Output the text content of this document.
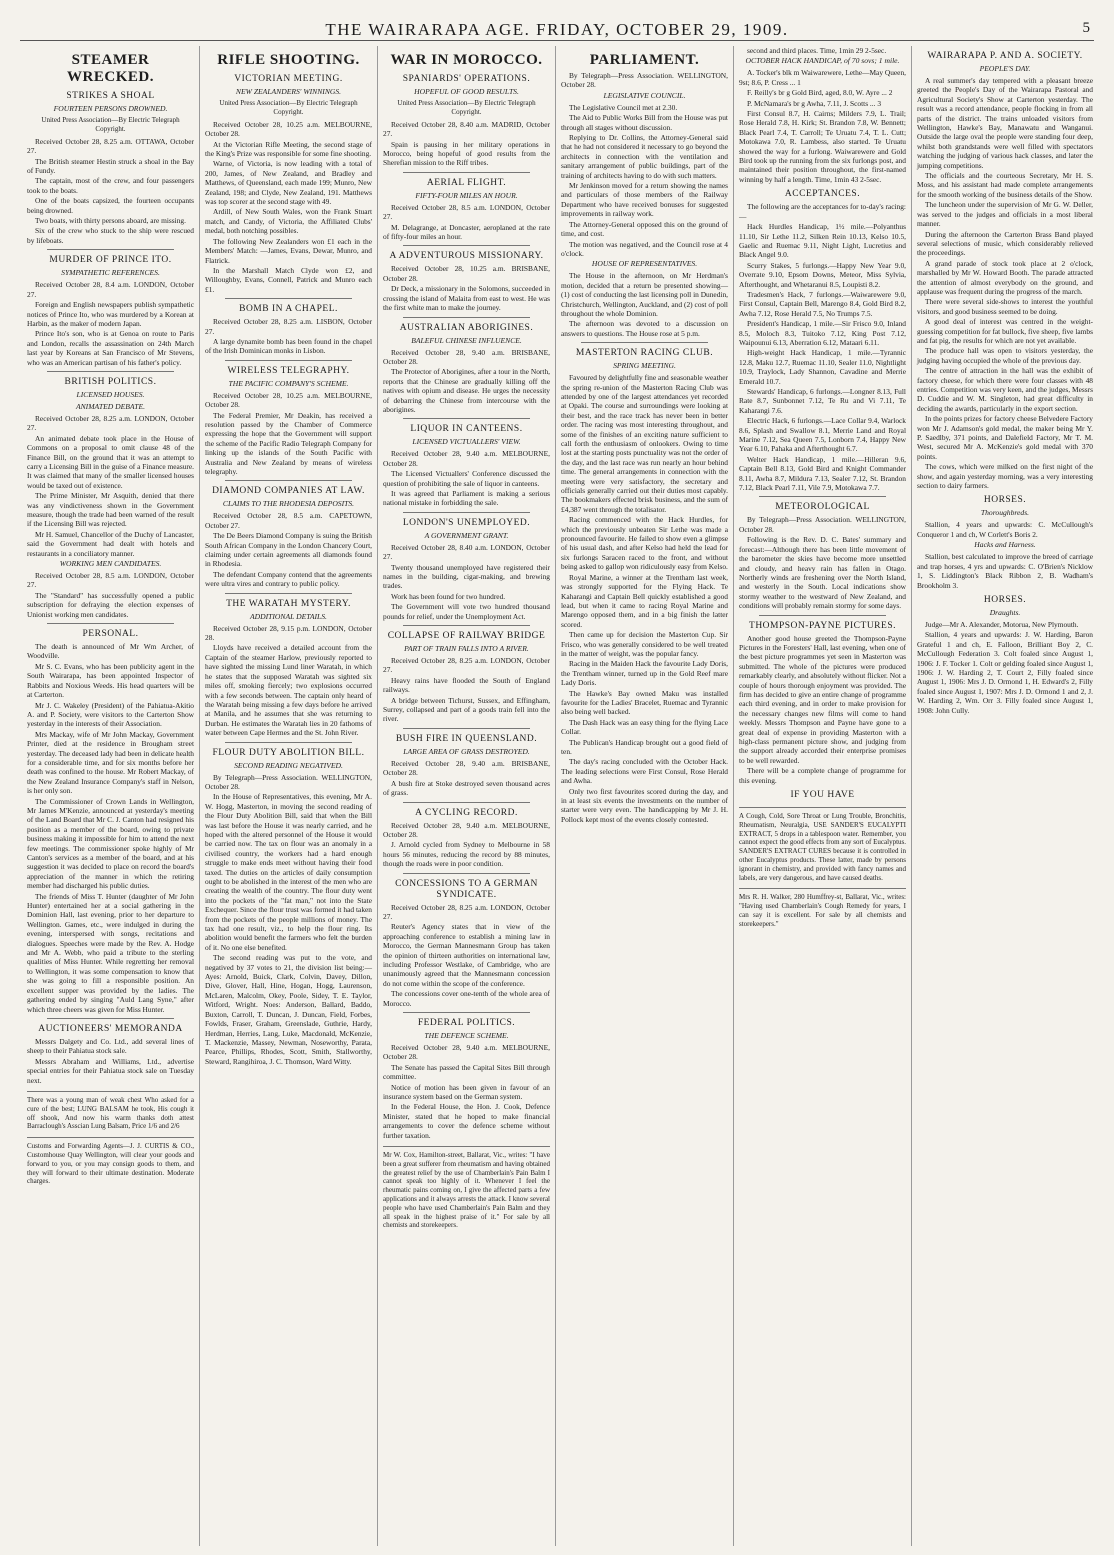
THE WAIRARAPA AGE. FRIDAY, OCTOBER 29, 1909.	5
STEAMER WRECKED.
STRIKES A SHOAL
FOURTEEN PERSONS DROWNED.
United Press Association—By Electric Telegraph Copyright.

Received October 28, 8.25 a.m. OTTAWA, October 27.

The British steamer Hestin struck a shoal in the Bay of Fundy.

The captain, most of the crew, and four passengers took to the boats.

One of the boats capsized, the fourteen occupants being drowned.

Two boats, with thirty persons aboard, are missing.

Six of the crew who stuck to the ship were rescued by lifeboats.

MURDER OF PRINCE ITO.
SYMPATHETIC REFERENCES.

Received October 28, 8.4 a.m. LONDON, October 27.

Foreign and English newspapers publish sympathetic notices of Prince Ito, who was murdered by a Korean at Harbin, as the maker of modern Japan.

Prince Ito's son, who is at Genoa on route to Paris and London, recalls the assassination on 24th March last year by Koreans at San Francisco of Mr Stevens, who was an American partisan of his father's policy.

BRITISH POLITICS.
LICENSED HOUSES.
ANIMATED DEBATE.

Received October 28, 8.25 a.m. LONDON, October 27.

An animated debate took place in the House of Commons on a proposal to omit clause 48 of the Finance Bill, on the ground that it was an attempt to carry a Licensing Bill in the guise of a Finance measure. It was claimed that many of the smaller licensed houses would be taxed out of existence.

The Prime Minister, Mr Asquith, denied that there was any vindictiveness shown in the Government measure, though the trade had been warned of the result if the Licensing Bill was rejected.

Mr H. Samuel, Chancellor of the Duchy of Lancaster, said the Government had dealt with hotels and restaurants in a conciliatory manner.

WORKING MEN CANDIDATES.

Received October 28, 8.5 a.m. LONDON, October 27.

The "Standard" has successfully opened a public subscription for defraying the election expenses of Unionist working men candidates.

PERSONAL.

The death is announced of Mr Wm Archer, of Woodville.

Mr S. C. Evans, who has been publicity agent in the South Wairarapa, has been appointed Inspector of Rabbits and Noxious Weeds. His head quarters will be at Carterton.

Mr J. C. Wakeley (President) of the Pahiatua-Akitio A. and P. Society, were visitors to the Carterton Show yesterday in the interests of their Association.

Mrs Mackay, wife of Mr John Mackay, Government Printer, died at the residence in Brougham street yesterday. The deceased lady had been in delicate health for a considerable time, and for six months before her death was confined to the house. Mr Robert Mackay, of the New Zealand Insurance Company's staff in Nelson, is her only son.

The Commissioner of Crown Lands in Wellington, Mr James M'Kenzie, announced at yesterday's meeting of the Land Board that Mr C. J. Canton had resigned his position as a member of the board, owing to private business making it impossible for him to attend the next few meetings. The commissioner spoke highly of Mr Canton's services as a member of the board, and at his suggestion it was decided to place on record the board's appreciation of the manner in which the retiring member had discharged his public duties.

The friends of Miss T. Hunter (daughter of Mr John Hunter) entertained her at a social gathering in the Dominion Hall, last evening, prior to her departure to Wellington. Games, etc., were indulged in during the evening, interspersed with songs, recitations and dialogues. Speeches were made by the Rev. A. Hodge and Mr A. Webb, who paid a tribute to the sterling qualities of Miss Hunter. While regretting her removal to Wellington, it was some compensation to know that she was going to fill a responsible position. An excellent supper was provided by the ladies. The gathering ended by singing "Auld Lang Syne," after which three cheers was given for Miss Hunter.

AUCTIONEERS' MEMORANDA

Messrs Dalgety and Co. Ltd., add several lines of sheep to their Pahiatua stock sale.

Messrs Abraham and Williams, Ltd., advertise special entries for their Pahiatua stock sale on Tuesday next.

There was a young man of weak chest Who asked for a cure of the best; LUNG BALSAM he took, His cough it off shook, And now his warm thanks doth attest Barraclough's Asscian Lung Balsam, Price 1/6 and 2/6
Customs and Forwarding Agents—J. J. CURTIS & CO., Customhouse Quay Wellington, will clear your goods and forward to you, or you may consign goods to them, and they will forward to their ultimate destination. Moderate charges.
RIFLE SHOOTING.
VICTORIAN MEETING.
NEW ZEALANDERS' WINNINGS.
United Press Association—By Electric Telegraph Copyright.

Received October 28, 10.25 a.m. MELBOURNE, October 28.

At the Victorian Rifle Meeting, the second stage of the King's Prize was responsible for some fine shooting.

Warne, of Victoria, is now leading with a total of 200, James, of New Zealand, and Bradley and Matthews, of Queensland, each made 199; Munro, New Zealand, 198; and Clyde, New Zealand, 191. Matthews was top scorer at the second stage with 49.

Ardill, of New South Wales, won the Frank Stuart match, and Candy, of Victoria, the Affiliated Clubs' medal, both notching possibles.

The following New Zealanders won £1 each in the Members' Match: —James, Evans, Dewar, Munro, and Flatrick.

In the Marshall Match Clyde won £2, and Willoughby, Evans, Connell, Patrick and Munro each £1.

BOMB IN A CHAPEL.

Received October 28, 8.25 a.m. LISBON, October 27.

A large dynamite bomb has been found in the chapel of the Irish Dominican monks in Lisbon.

WIRELESS TELEGRAPHY.
THE PACIFIC COMPANY'S SCHEME.

Received October 28, 10.25 a.m. MELBOURNE, October 28.

The Federal Premier, Mr Deakin, has received a resolution passed by the Chamber of Commerce expressing the hope that the Government will support the scheme of the Pacific Radio Telegraph Company for linking up the islands of the South Pacific with Australia and New Zealand by means of wireless telegraphy.

DIAMOND COMPANIES AT LAW.
CLAIMS TO THE RHODESIA DEPOSITS.

Received October 28, 8.5 a.m. CAPETOWN, October 27.

The De Beers Diamond Company is suing the British South African Company in the London Chancery Court, claiming under certain agreements all diamonds found in Rhodesia.

The defendant Company contend that the agreements were ultra vires and contrary to public policy.

THE WARATAH MYSTERY.
ADDITIONAL DETAILS.

Received October 28, 9.15 p.m. LONDON, October 28.

Lloyds have received a detailed account from the Captain of the steamer Harlow, previously reported to have sighted the missing Lund liner Waratah, in which he states that the supposed Waratah was sighted six miles off, smoking fiercely; two explosions occurred with a few seconds between. The captain only heard of the Waratah being missing a few days before he arrived at Manila, and he assumes that she was returning to Durban. He estimates the Waratah lies in 20 fathoms of water between Cape Hermes and the St. John River.

FLOUR DUTY ABOLITION BILL.
SECOND READING NEGATIVED.

By Telegraph—Press Association. WELLINGTON, October 28.

In the House of Representatives, this evening, Mr A. W. Hogg, Masterton, in moving the second reading of the Flour Duty Abolition Bill, said that when the Bill was last before the House it was nearly carried, and he hoped with the altered personnel of the House it would be carried now. The tax on flour was an anomaly in a civilised country, the workers had a hard enough struggle to make ends meet without having their food taxed. The duties on the articles of daily consumption ought to be abolished in the interest of the men who are creating the wealth of the country. The flour duty went into the pockets of the "fat man," not into the State Exchequer. Since the flour trust was formed it had taken from the pockets of the people millions of money. The tax had one result, viz., to help the flour ring. Its abolition would benefit the farmers who felt the burden of it. No one else benefited.

The second reading was put to the vote, and negatived by 37 votes to 21, the division list being:—Ayes: Arnold, Buick, Clark, Colvin, Davey, Dillon, Dive, Glover, Hall, Hine, Hogan, Hogg, Laurenson, McLaren, Malcolm, Okey, Poole, Sidey, T. E. Taylor, Witford, Wright. Noes: Anderson, Ballard, Baddo, Buxton, Carroll, T. Duncan, J. Duncan, Field, Forbes, Fowlds, Fraser, Graham, Greenslade, Guthrie, Hardy, Herdman, Herries, Lang, Luke, Macdonald, McKenzie, T. Mackenzie, Massey, Newman, Noseworthy, Parata, Pearce, Phillips, Rhodes, Scott, Smith, Stallworthy, Steward, Rangihiroa, J. C. Thomson, Ward Witty.

WAR IN MOROCCO.
SPANIARDS' OPERATIONS.
HOPEFUL OF GOOD RESULTS.
United Press Association—By Electric Telegraph Copyright.

Received October 28, 8.40 a.m. MADRID, October 27.

Spain is pausing in her military operations in Morocco, being hopeful of good results from the Sherefian mission to the Riff tribes.

AERIAL FLIGHT.
FIFTY-FOUR MILES AN HOUR.

Received October 28, 8.5 a.m. LONDON, October 27.

M. Delagrange, at Doncaster, aeroplaned at the rate of fifty-four miles an hour.

A ADVENTUROUS MISSIONARY.

Received October 28, 10.25 a.m. BRISBANE, October 28.

Dr Deck, a missionary in the Solomons, succeeded in crossing the island of Malaita from east to west. He was the first white man to make the journey.

AUSTRALIAN ABORIGINES.
BALEFUL CHINESE INFLUENCE.

Received October 28, 9.40 a.m. BRISBANE, October 28.

The Protector of Aborigines, after a tour in the North, reports that the Chinese are gradually killing off the natives with opium and disease. He urges the necessity of debarring the Chinese from intercourse with the aborigines.

LIQUOR IN CANTEENS.
LICENSED VICTUALLERS' VIEW.

Received October 28, 9.40 a.m. MELBOURNE, October 28.

The Licensed Victuallers' Conference discussed the question of prohibiting the sale of liquor in canteens.

It was agreed that Parliament is making a serious national mistake in forbidding the sale.

LONDON'S UNEMPLOYED.
A GOVERNMENT GRANT.

Received October 28, 8.40 a.m. LONDON, October 27.

Twenty thousand unemployed have registered their names in the building, cigar-making, and brewing trades.

Work has been found for two hundred.

The Government will vote two hundred thousand pounds for relief, under the Unemployment Act.

COLLAPSE OF RAILWAY BRIDGE
PART OF TRAIN FALLS INTO A RIVER.

Received October 28, 8.25 a.m. LONDON, October 27.

Heavy rains have flooded the South of England railways.

A bridge between Tichurst, Sussex, and Effingham, Surrey, collapsed and part of a goods train fell into the river.

BUSH FIRE IN QUEENSLAND.
LARGE AREA OF GRASS DESTROYED.

Received October 28, 9.40 a.m. BRISBANE, October 28.

A bush fire at Stoke destroyed seven thousand acres of grass.

A CYCLING RECORD.

Received October 28, 9.40 a.m. MELBOURNE, October 28.

J. Arnold cycled from Sydney to Melbourne in 58 hours 56 minutes, reducing the record by 88 minutes, though the roads were in poor condition.

CONCESSIONS TO A GERMAN SYNDICATE.

Received October 28, 8.25 a.m. LONDON, October 27.

Reuter's Agency states that in view of the approaching conference to establish a mining law in Morocco, the German Mannesmann Group has taken the opinion of thirteen authorities on international law, including Professor Westlake, of Cambridge, who are unanimously agreed that the Mannesmann concession do not come within the scope of the conference.

The concessions cover one-tenth of the whole area of Morocco.

FEDERAL POLITICS.
THE DEFENCE SCHEME.

Received October 28, 9.40 a.m. MELBOURNE, October 28.

The Senate has passed the Capital Sites Bill through committee.

Notice of motion has been given in favour of an insurance system based on the German system.

In the Federal House, the Hon. J. Cook, Defence Minister, stated that he hoped to make financial arrangements to cover the defence scheme without further taxation.

Mr W. Cox, Hamilton-street, Ballarat, Vic., writes: "I have been a great sufferer from rheumatism and having obtained the greatest relief by the use of Chamberlain's Pain Balm I cannot speak too highly of it. Whenever I feel the rheumatic pains coming on, I give the affected parts a few applications and it always arrests the attack. I know several people who have used Chamberlain's Pain Balm and they all speak in the highest praise of it." For sale by all chemists and storekeepers.
PARLIAMENT.

By Telegraph—Press Association. WELLINGTON, October 28.

LEGISLATIVE COUNCIL.

The Legislative Council met at 2.30.

The Aid to Public Works Bill from the House was put through all stages without discussion.

Replying to Dr. Collins, the Attorney-General said that he had not considered it necessary to go beyond the architects in connection with the ventilation and sanitary arrangement of public buildings, part of the training of architects having to do with such matters.

Mr Jenkinson moved for a return showing the names and particulars of those members of the Railway Department who have received bonuses for suggested improvements in railway work.

The Attorney-General opposed this on the ground of time, and cost.

The motion was negatived, and the Council rose at 4 o'clock.

HOUSE OF REPRESENTATIVES.

The House in the afternoon, on Mr Herdman's motion, decided that a return be presented showing—(1) cost of conducting the last licensing poll in Dunedin, Christchurch, Wellington, Auckland, and (2) cost of poll throughout the whole Dominion.

The afternoon was devoted to a discussion on answers to questions. The House rose at 5 p.m.

MASTERTON RACING CLUB.
SPRING MEETING.

Favoured by delightfully fine and seasonable weather the spring re-union of the Masterton Racing Club was attended by one of the largest attendances yet recorded at Opaki. The course and surroundings were looking at their best, and the race track has never been in better order. The racing was most interesting throughout, and some of the finishes of an exciting nature sufficient to call forth the enthusiasm of onlookers. Owing to time lost at the starting posts punctuality was not the order of the day, and the last race was run nearly an hour behind time. The general arrangements in connection with the meeting were very satisfactory, the secretary and officials generally carried out their duties most capably. The bookmakers effected brisk business, and the sum of £4,387 went through the totalisator.

Racing commenced with the Hack Hurdles, for which the previously unbeaten Sir Lethe was made a pronounced favourite. He failed to show even a glimpse of his usual dash, and after Kelso had held the lead for six furlongs Saracen raced to the front, and without being asked to gallop won ridiculously easy from Kelso.

Royal Marine, a winner at the Trentham last week, was strongly supported for the Flying Hack. Te Kaharangi and Captain Bell quickly established a good lead, but when it came to racing Royal Marine and Marengo opposed them, and in a big finish the latter scored.

Then came up for decision the Masterton Cup. Sir Frisco, who was generally considered to be well treated in the matter of weight, was the popular fancy.

Racing in the Maiden Hack the favourite Lady Doris, the Trentham winner, turned up in the Gold Reef mare Lady Doris.

The Hawke's Bay owned Maku was installed favourite for the Ladies' Bracelet, Ruemac and Tyrannic also being well backed.

The Dash Hack was an easy thing for the flying Lace Collar.

The Publican's Handicap brought out a good field of ten.

The day's racing concluded with the October Hack. The leading selections were First Consul, Rose Herald and Awha.

Only two first favourites scored during the day, and in at least six events the investments on the number of starter were very even. The handicapping by Mr J. H. Pollock kept most of the events closely contested.

second and third places. Time, 1min 29 2-5sec.

OCTOBER HACK HANDICAP, of 70 sovs; 1 mile.

A. Tocker's blk m Waiwarewere, Lethe—May Queen, 9st; 8.6, P. Cress ... 1

F. Reilly's br g Gold Bird, aged, 8.0, W. Ayre ... 2

P. McNamara's br g Awha, 7.11, J. Scotts ... 3

First Consul 8.7, H. Cairns; Milders 7.9, L. Trail; Rose Herald 7.8, H. Kirk; St. Brandon 7.8, W. Bennett; Black Pearl 7.4, T. Carroll; Te Uruatu 7.4, T. L. Cutt; Motokawa 7.0, R. Lambess, also started. Te Uruatu showed the way for a furlong. Waiwarewere and Gold Bird took up the running from the six furlongs post, and maintained their position throughout, the first-named winning by half a length. Time, 1min 43 2-5sec.

ACCEPTANCES.

The following are the acceptances for to-day's racing:—

Hack Hurdles Handicap, 1½ mile.—Polyanthus 11.10, Sir Lethe 11.2, Silken Rein 10.13, Kelso 10.5, Gaelic and Ruemac 9.11, Night Light, Lucretius and Black Angel 9.0.

Scurry Stakes, 5 furlongs.—Happy New Year 9.0, Overrate 9.10, Epsom Downs, Meteor, Miss Sylvia, Afterthought, and Whetaranui 8.5, Loupisti 8.2.

Tradesmen's Hack, 7 furlongs.—Waiwarewere 9.0, First Consul, Captain Bell, Marengo 8.4, Gold Bird 8.2, Awha 7.12, Rose Herald 7.5, No Trumps 7.5.

President's Handicap, 1 mile.—Sir Frisco 9.0, Inland 8.5, Moloch 8.3, Tuitoko 7.12, King Post 7.12, Waipounui 6.13, Aberration 6.12, Mataari 6.11.

High-weight Hack Handicap, 1 mile.—Tyrannic 12.8, Maku 12.7, Ruemac 11.10, Sealer 11.0, Nightlight 10.9, Traylock, Lady Shannon, Cavadine and Merrie Emerald 10.7.

Stewards' Handicap, 6 furlongs.—Longner 8.13, Full Rate 8.7, Sunbonnet 7.12, Te Ru and Vi 7.11, Te Kaharangi 7.6.

Electric Hack, 6 furlongs.—Lace Collar 9.4, Warlock 8.6, Splash and Swallow 8.1, Merrie Land and Royal Marine 7.12, Sea Queen 7.5, Lonborn 7.4, Happy New Year 6.10, Pahaka and Afterthought 6.7.

Welter Hack Handicap, 1 mile.—Hilleran 9.6, Captain Bell 8.13, Gold Bird and Knight Commander 8.11, Awha 8.7, Mildura 7.13, Sealer 7.12, St. Brandon 7.12, Black Pearl 7.11, Vile 7.9, Motokawa 7.7.

METEOROLOGICAL

By Telegraph—Press Association. WELLINGTON, October 28.

Following is the Rev. D. C. Bates' summary and forecast:—Although there has been little movement of the barometer the skies have become more unsettled and cloudy, and heavy rain has fallen in Otago. Northerly winds are freshening over the North Island, and westerly in the South. Local indications show stormy weather to the westward of New Zealand, and conditions will probably remain stormy for some days.

THOMPSON-PAYNE PICTURES.

Another good house greeted the Thompson-Payne Pictures in the Foresters' Hall, last evening, when one of the best picture programmes yet seen in Masterton was submitted. The whole of the pictures were produced remarkably clearly, and absolutely without flicker. Not a couple of hours thorough enjoyment was provided. The firm has decided to give an entire change of programme each third evening, and in order to make provision for the necessary changes new films will come to hand weekly. Messrs Thompson and Payne have gone to a great deal of expense in providing Masterton with a high-class permanent picture show, and judging from the support already accorded their enterprise promises to be well rewarded.

There will be a complete change of programme for this evening.

IF YOU HAVE
A Cough, Cold, Sore Throat or Lung Trouble, Bronchitis, Rheumatism, Neuralgia, USE SANDER'S EUCALYPTI EXTRACT, 5 drops in a tablespoon water. Remember, you cannot expect the good effects from any sort of Eucalyptus. SANDER'S EXTRACT CURES because it is controlled in other Eucalyptus products. These latter, made by persons ignorant in chemistry, and provided with fancy names and labels, are very dangerous, and have caused deaths.
Mrs R. H. Walker, 280 Humffrey-st, Ballarat, Vic., writes: "Having used Chamberlain's Cough Remedy for years, I can say it is excellent. For sale by all chemists and storekeepers."
WAIRARAPA P. AND A. SOCIETY.
PEOPLE'S DAY.

A real summer's day tempered with a pleasant breeze greeted the People's Day of the Wairarapa Pastoral and Agricultural Society's Show at Carterton yesterday. The result was a record attendance, people flocking in from all parts of the district. The trains unloaded visitors from Wellington, Hawke's Bay, Manawatu and Wanganui. Outside the large oval the people were standing four deep, whilst both grandstands were well filled with spectators watching the judging of various hack classes, and later the jumping competitions.

The officials and the courteous Secretary, Mr H. S. Moss, and his assistant had made complete arrangements for the smooth working of the business details of the Show.

The luncheon under the supervision of Mr G. W. Deller, was served to the judges and officials in a most liberal manner.

During the afternoon the Carterton Brass Band played several selections of music, which considerably relieved the proceedings.

A grand parade of stock took place at 2 o'clock, marshalled by Mr W. Howard Booth. The parade attracted the attention of almost everybody on the ground, and applause was frequent during the progress of the march.

There were several side-shows to interest the youthful visitors, and good business seemed to be doing.

A good deal of interest was centred in the weight-guessing competition for fat bullock, five sheep, five lambs and fat pig, the results for which are not yet available.

The produce hall was open to visitors yesterday, the judging having occupied the whole of the previous day.

The centre of attraction in the hall was the exhibit of factory cheese, for which there were four classes with 48 entries. Competition was very keen, and the judges, Messrs D. Cuddie and W. M. Singleton, had great difficulty in deciding the awards, particularly in the export section.

In the points prizes for factory cheese Belvedere Factory won Mr J. Adamson's gold medal, the maker being Mr Y. P. Saedlby, 371 points, and Dalefield Factory, Mr T. M. West, secured Mr A. McKenzie's gold medal with 370 points.

The cows, which were milked on the first night of the show, and again yesterday morning, was a very interesting section to dairy farmers.

HORSES.
Thoroughbreds.

Stallion, 4 years and upwards: C. McCullough's Conqueror 1 and ch, W Corlett's Boris 2.

Hacks and Harness.

Stallion, best calculated to improve the breed of carriage and trap horses, 4 yrs and upwards: C. O'Brien's Nicklow 1, S. Liddington's Black Ribbon 2, B. Wadham's Brookholm 3.

HORSES.
Draughts.

Judge—Mr A. Alexander, Motorua, New Plymouth.

Stallion, 4 years and upwards: J. W. Harding, Baron Grateful 1 and ch, E. Falloon, Brilliant Boy 2, C. McCullough Federation 3. Colt foaled since August 1, 1906: J. F. Tocker 1. Colt or gelding foaled since August 1, 1906: J. W. Harding 2, T. Court 2, Filly foaled since August 1, 1906: Mrs J. D. Ormond 1, H. Edward's 2, Filly foaled since August 1, 1907: Mrs J. D. Ormond 1 and 2, J. W. Harding 2, Wm. Orr 3. Filly foaled since August 1, 1908: John Cully.
